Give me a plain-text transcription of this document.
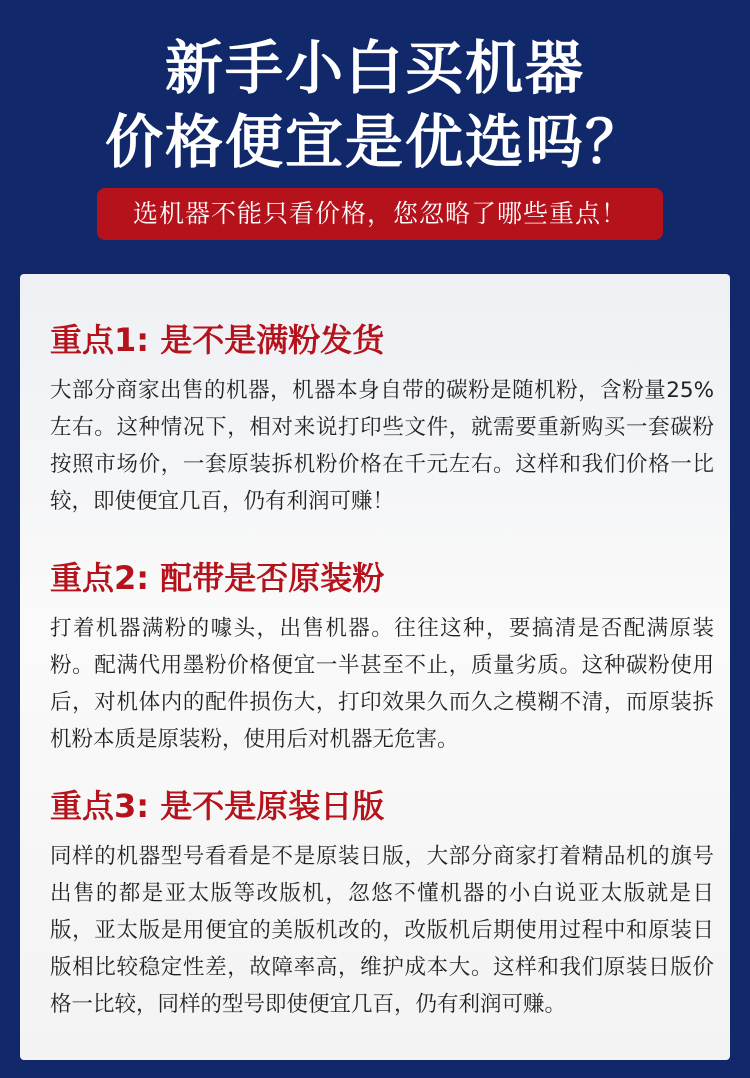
新手小白买机器
价格便宜是优选吗？
选机器不能只看价格，您忽略了哪些重点！
重点1: 是不是满粉发货

大部分商家出售的机器，机器本身自带的碳粉是随机粉，含粉量25%左右。这种情况下，相对来说打印些文件，就需要重新购买一套碳粉按照市场价，一套原装拆机粉价格在千元左右。这样和我们价格一比较，即使便宜几百，仍有利润可赚！

重点2: 配带是否原装粉

打着机器满粉的噱头，出售机器。往往这种，要搞清是否配满原装粉。配满代用墨粉价格便宜一半甚至不止，质量劣质。这种碳粉使用后，对机体内的配件损伤大，打印效果久而久之模糊不清，而原装拆机粉本质是原装粉，使用后对机器无危害。

重点3: 是不是原装日版

同样的机器型号看看是不是原装日版，大部分商家打着精品机的旗号出售的都是亚太版等改版机，忽悠不懂机器的小白说亚太版就是日版，亚太版是用便宜的美版机改的，改版机后期使用过程中和原装日版相比较稳定性差，故障率高，维护成本大。这样和我们原装日版价格一比较，同样的型号即使便宜几百，仍有利润可赚。
